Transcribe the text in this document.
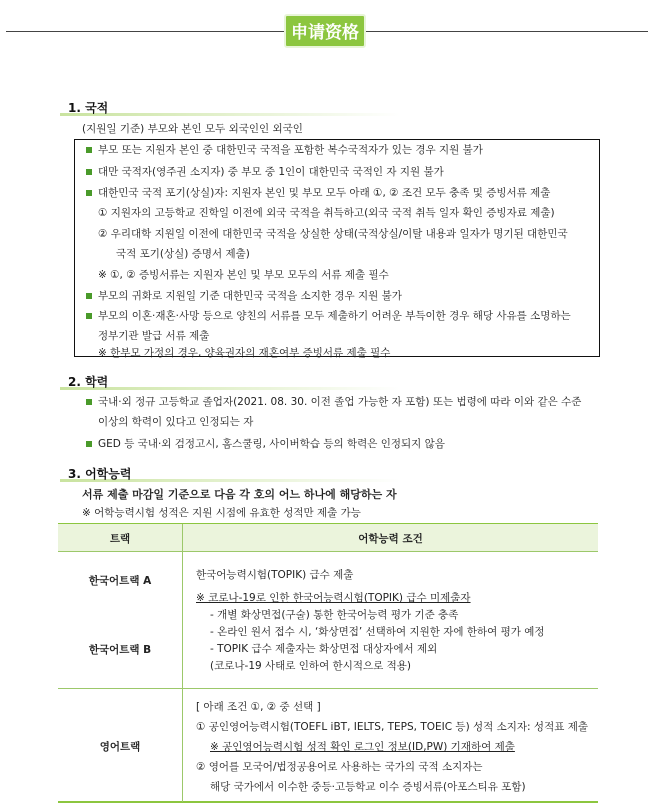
申请资格
1. 국적
(지원일 기준) 부모와 본인 모두 외국인인 외국인
부모 또는 지원자 본인 중 대한민국 국적을 포함한 복수국적자가 있는 경우 지원 불가
대만 국적자(영주권 소지자) 중 부모 중 1인이 대한민국 국적인 자 지원 불가
대한민국 국적 포기(상실)자: 지원자 본인 및 부모 모두 아래 ①, ② 조건 모두 충족 및 증빙서류 제출
① 지원자의 고등학교 진학일 이전에 외국 국적을 취득하고(외국 국적 취득 일자 확인 증빙자료 제출)
② 우리대학 지원일 이전에 대한민국 국적을 상실한 상태(국적상실/이탈 내용과 일자가 명기된 대한민국
국적 포기(상실) 증명서 제출)
※ ①, ② 증빙서류는 지원자 본인 및 부모 모두의 서류 제출 필수
부모의 귀화로 지원일 기준 대한민국 국적을 소지한 경우 지원 불가
부모의 이혼·재혼·사망 등으로 양친의 서류를 모두 제출하기 어려운 부득이한 경우 해당 사유를 소명하는
정부기관 발급 서류 제출
※ 한부모 가정의 경우, 양육권자의 재혼여부 증빙서류 제출 필수
2. 학력
국내·외 정규 고등학교 졸업자(2021. 08. 30. 이전 졸업 가능한 자 포함) 또는 법령에 따라 이와 같은 수준
이상의 학력이 있다고 인정되는 자
GED 등 국내·외 검정고시, 홈스쿨링, 사이버학습 등의 학력은 인정되지 않음
3. 어학능력
서류 제출 마감일 기준으로 다음 각 호의 어느 하나에 해당하는 자
※ 어학능력시험 성적은 지원 시점에 유효한 성적만 제출 가능
트랙	어학능력 조건
한국어트랙 A
한국어트랙 B
영어트랙
한국어능력시험(TOPIK) 급수 제출
※ 코로나-19로 인한 한국어능력시험(TOPIK) 급수 미제출자
- 개별 화상면접(구술) 통한 한국어능력 평가 기준 충족
- 온라인 원서 접수 시, ‘화상면접’ 선택하여 지원한 자에 한하여 평가 예정
- TOPIK 급수 제출자는 화상면접 대상자에서 제외
(코로나-19 사태로 인하여 한시적으로 적용)
[ 아래 조건 ①, ② 중 선택 ]
① 공인영어능력시험(TOEFL iBT, IELTS, TEPS, TOEIC 등) 성적 소지자: 성적표 제출
※ 공인영어능력시험 성적 확인 로그인 정보(ID,PW) 기재하여 제출
② 영어를 모국어/법정공용어로 사용하는 국가의 국적 소지자는
해당 국가에서 이수한 중등·고등학교 이수 증빙서류(아포스티유 포함)
